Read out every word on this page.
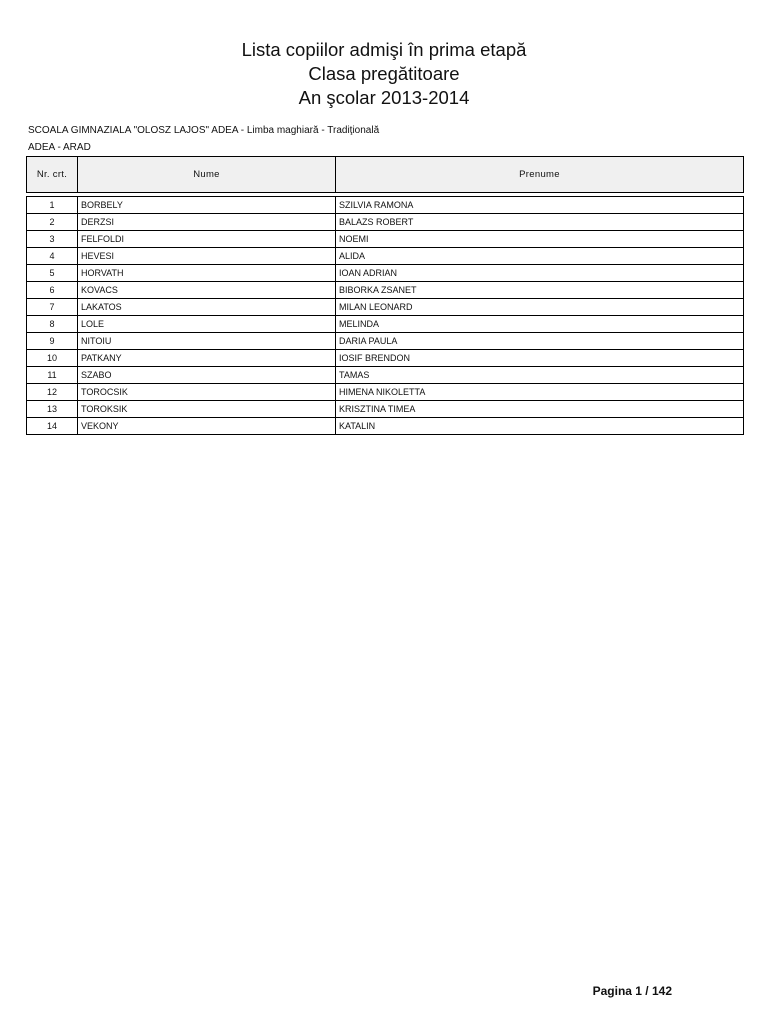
Lista copiilor admişi în prima etapă
Clasa pregătitoare
An şcolar 2013-2014
SCOALA GIMNAZIALA "OLOSZ LAJOS" ADEA - Limba maghiară - Tradiţională
ADEA - ARAD
Nr. crt.	Nume	Prenume

1	BORBELY	SZILVIA RAMONA
2	DERZSI	BALAZS ROBERT
3	FELFOLDI	NOEMI
4	HEVESI	ALIDA
5	HORVATH	IOAN ADRIAN
6	KOVACS	BIBORKA ZSANET
7	LAKATOS	MILAN LEONARD
8	LOLE	MELINDA
9	NITOIU	DARIA PAULA
10	PATKANY	IOSIF BRENDON
11	SZABO	TAMAS
12	TOROCSIK	HIMENA NIKOLETTA
13	TOROKSIK	KRISZTINA TIMEA
14	VEKONY	KATALIN
Pagina 1 / 142
